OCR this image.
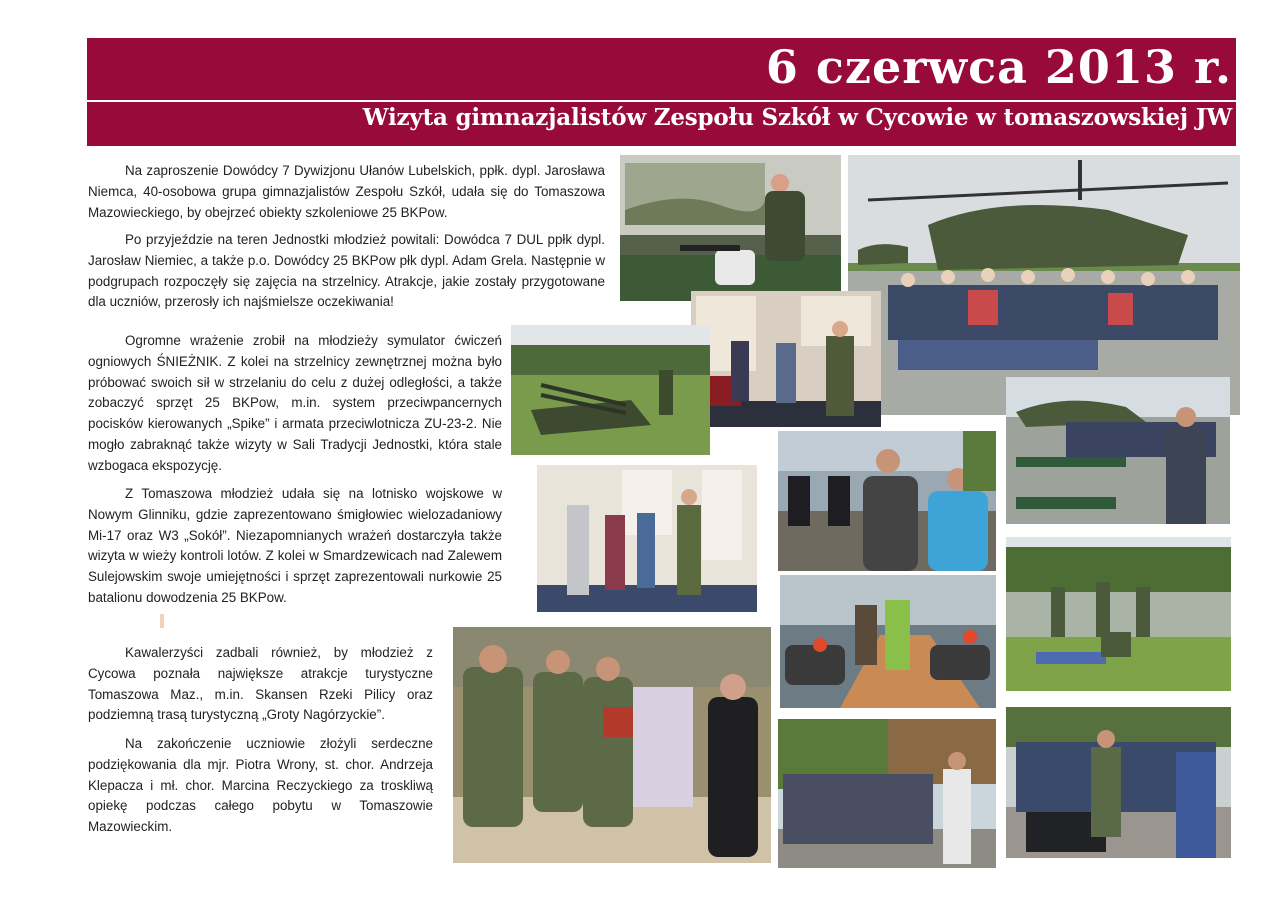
6 czerwca 2013 r.
Wizyta gimnazjalistów Zespołu Szkół w Cycowie w tomaszowskiej JW

Na zaproszenie Dowódcy 7 Dywizjonu Ułanów Lubelskich, ppłk. dypl. Jarosława Niemca, 40-osobowa grupa gimnazjalistów Zespołu Szkół, udała się do Tomaszowa Mazowieckiego, by obejrzeć obiekty szkoleniowe 25 BKPow.

Po przyjeździe na teren Jednostki młodzież powitali: Dowódca 7 DUL ppłk dypl. Jarosław Niemiec, a także p.o. Dowódcy 25 BKPow płk dypl. Adam Grela. Następnie w podgrupach rozpoczęły się zajęcia na strzelnicy. Atrakcje, jakie zostały przygotowane dla uczniów, przerosły ich najśmielsze oczekiwania!

Ogromne wrażenie zrobił na młodzieży symulator ćwiczeń ogniowych ŚNIEŻNIK. Z kolei na strzelnicy zewnętrznej można było próbować swoich sił w strzelaniu do celu z dużej odległości, a także zobaczyć sprzęt 25 BKPow, m.in. system przeciwpancernych pocisków kierowanych „Spike” i armata przeciwlotnicza ZU-23-2. Nie mogło zabraknąć także wizyty w Sali Tradycji Jednostki, która stale wzbogaca ekspozycję.

Z Tomaszowa młodzież udała się na lotnisko wojskowe w Nowym Glinniku, gdzie zaprezentowano śmigłowiec wielozadaniowy Mi-17 oraz W3 „Sokół”. Niezapomnianych wrażeń dostarczyła także wizyta w wieży kontroli lotów. Z kolei w Smardzewicach nad Zalewem Sulejowskim swoje umiejętności i sprzęt zaprezentowali nurkowie 25 batalionu dowodzenia 25 BKPow.

Kawalerzyści zadbali również, by młodzież z Cycowa poznała największe atrakcje turystyczne Tomaszowa Maz., m.in. Skansen Rzeki Pilicy oraz podziemną trasą turystyczną „Groty Nagórzyckie”.

Na zakończenie uczniowie złożyli serdeczne podziękowania dla mjr. Piotra Wrony, st. chor. Andrzeja Klepacza i mł. chor. Marcina Reczyckiego za troskliwą opiekę podczas całego pobytu w Tomaszowie Mazowieckim.
